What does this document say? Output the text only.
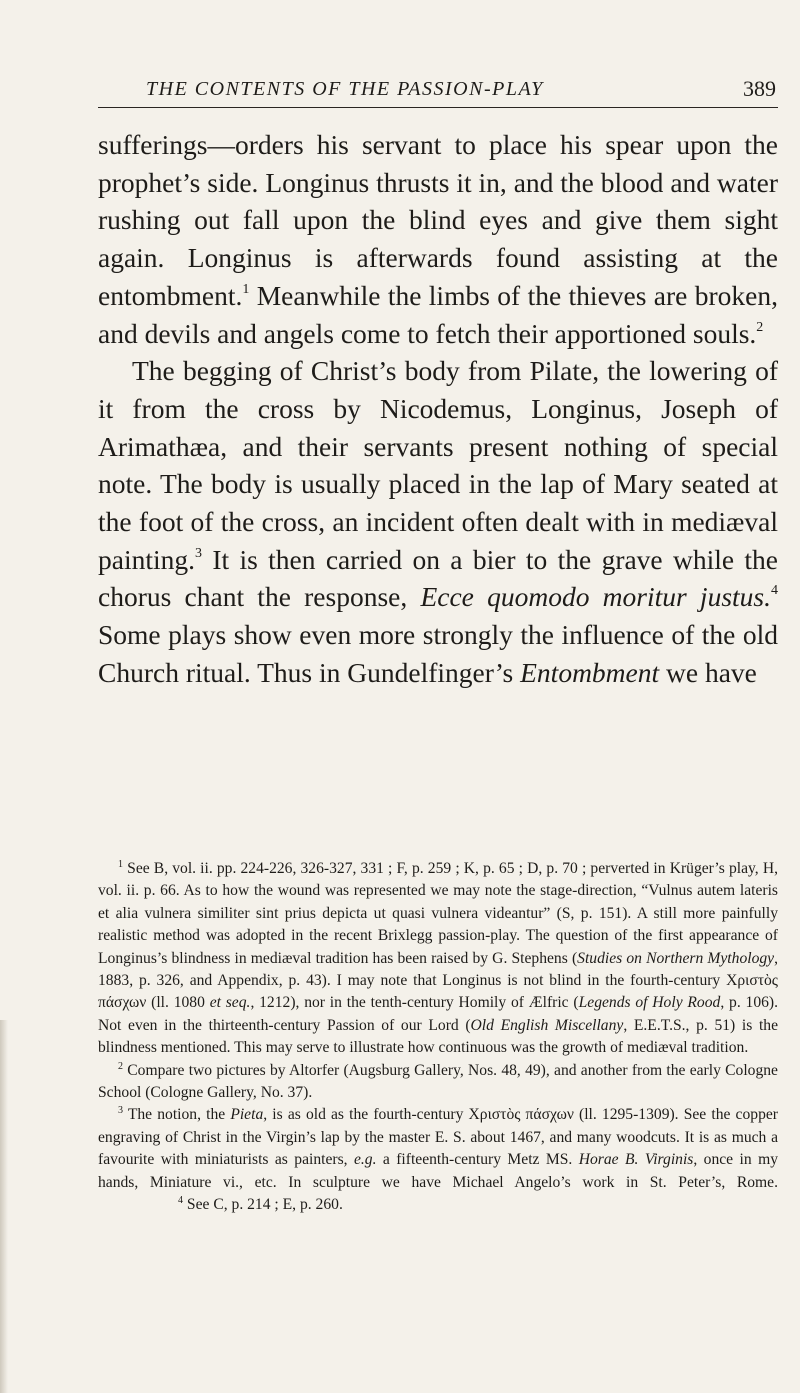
THE CONTENTS OF THE PASSION-PLAY	389

sufferings—orders his servant to place his spear upon the prophet’s side. Longinus thrusts it in, and the blood and water rushing out fall upon the blind eyes and give them sight again. Longinus is afterwards found assisting at the entombment.$^1$ Meanwhile the limbs of the thieves are broken, and devils and angels come to fetch their apportioned souls.$^2$

The begging of Christ’s body from Pilate, the lowering of it from the cross by Nicodemus, Longinus, Joseph of Arimathæa, and their servants present nothing of special note. The body is usually placed in the lap of Mary seated at the foot of the cross, an incident often dealt with in mediæval painting.$^3$ It is then carried on a bier to the grave while the chorus chant the response, Ecce quomodo moritur justus.$^4$ Some plays show even more strongly the influence of the old Church ritual. Thus in Gundelfinger’s Entombment we have

$^1$ See B, vol. ii. pp. 224-226, 326-327, 331 ; F, p. 259 ; K, p. 65 ; D, p. 70 ; perverted in Krüger’s play, H, vol. ii. p. 66. As to how the wound was represented we may note the stage-direction, “Vulnus autem lateris et alia vulnera similiter sint prius depicta ut quasi vulnera videantur” (S, p. 151). A still more painfully realistic method was adopted in the recent Brixlegg passion-play. The question of the first appearance of Longinus’s blindness in mediæval tradition has been raised by G. Stephens (Studies on Northern Mythology, 1883, p. 326, and Appendix, p. 43). I may note that Longinus is not blind in the fourth-century Χριστὸς πάσχων (ll. 1080 et seq., 1212), nor in the tenth-century Homily of Ælfric (Legends of Holy Rood, p. 106). Not even in the thirteenth-century Passion of our Lord (Old English Miscellany, E.E.T.S., p. 51) is the blindness mentioned. This may serve to illustrate how continuous was the growth of mediæval tradition.

$^2$ Compare two pictures by Altorfer (Augsburg Gallery, Nos. 48, 49), and another from the early Cologne School (Cologne Gallery, No. 37).

$^3$ The notion, the Pieta, is as old as the fourth-century Χριστὸς πάσχων (ll. 1295-1309). See the copper engraving of Christ in the Virgin’s lap by the master E. S. about 1467, and many woodcuts. It is as much a favourite with miniaturists as painters, e.g. a fifteenth-century Metz MS. Horae B. Virginis, once in my hands, Miniature vi., etc. In sculpture we have Michael Angelo’s work in St. Peter’s, Rome.$^4$ See C, p. 214 ; E, p. 260.
